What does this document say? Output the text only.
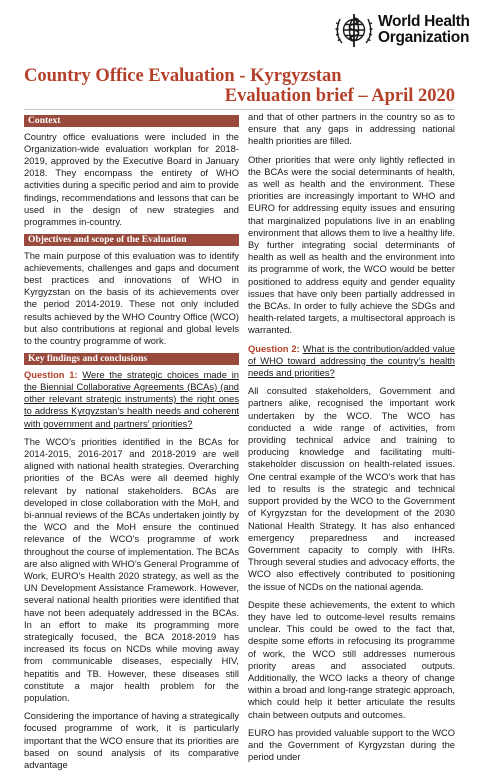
World Health
Organization
Country Office Evaluation - Kyrgyzstan
Evaluation brief – April 2020
Context

Country office evaluations were included in the Organization-wide evaluation workplan for 2018-2019, approved by the Executive Board in January 2018. They encompass the entirety of WHO activities during a specific period and aim to provide findings, recommendations and lessons that can be used in the design of new strategies and programmes in-country.

Objectives and scope of the Evaluation

The main purpose of this evaluation was to identify achievements, challenges and gaps and document best practices and innovations of WHO in Kyrgyzstan on the basis of its achievements over the period 2014-2019. These not only included results achieved by the WHO Country Office (WCO) but also contributions at regional and global levels to the country programme of work.

Key findings and conclusions
Question 1: Were the strategic choices made in the Biennial Collaborative Agreements (BCAs) (and other relevant strategic instruments) the right ones to address Kyrgyzstan’s health needs and coherent with government and partners’ priorities?

The WCO’s priorities identified in the BCAs for 2014-2015, 2016-2017 and 2018-2019 are well aligned with national health strategies. Overarching priorities of the BCAs were all deemed highly relevant by national stakeholders. BCAs are developed in close collaboration with the MoH, and bi-annual reviews of the BCAs undertaken jointly by the WCO and the MoH ensure the continued relevance of the WCO’s programme of work throughout the course of implementation. The BCAs are also aligned with WHO’s General Programme of Work, EURO’s Health 2020 strategy, as well as the UN Development Assistance Framework. However, several national health priorities were identified that have not been adequately addressed in the BCAs. In an effort to make its programming more strategically focused, the BCA 2018-2019 has increased its focus on NCDs while moving away from communicable diseases, especially HIV, hepatitis and TB. However, these diseases still constitute a major health problem for the population.

Considering the importance of having a strategically focused programme of work, it is particularly important that the WCO ensure that its priorities are based on sound analysis of its comparative advantage

and that of other partners in the country so as to ensure that any gaps in addressing national health priorities are filled.

Other priorities that were only lightly reflected in the BCAs were the social determinants of health, as well as health and the environment. These priorities are increasingly important to WHO and EURO for addressing equity issues and ensuring that marginalized populations live in an enabling environment that allows them to live a healthy life. By further integrating social determinants of health as well as health and the environment into its programme of work, the WCO would be better positioned to address equity and gender equality issues that have only been partially addressed in the BCAs. In order to fully achieve the SDGs and health-related targets, a multisectoral approach is warranted.

Question 2: What is the contribution/added value of WHO toward addressing the country’s health needs and priorities?

All consulted stakeholders, Government and partners alike, recognised the important work undertaken by the WCO. The WCO has conducted a wide range of activities, from providing technical advice and training to producing knowledge and facilitating multi-stakeholder discussion on health-related issues. One central example of the WCO’s work that has led to results is the strategic and technical support provided by the WCO to the Government of Kyrgyzstan for the development of the 2030 National Health Strategy. It has also enhanced emergency preparedness and increased Government capacity to comply with IHRs. Through several studies and advocacy efforts, the WCO also effectively contributed to positioning the issue of NCDs on the national agenda.

Despite these achievements, the extent to which they have led to outcome-level results remains unclear. This could be owed to the fact that, despite some efforts in refocusing its programme of work, the WCO still addresses numerous priority areas and associated outputs. Additionally, the WCO lacks a theory of change within a broad and long-range strategic approach, which could help it better articulate the results chain between outputs and outcomes.

EURO has provided valuable support to the WCO and the Government of Kyrgyzstan during the period under
